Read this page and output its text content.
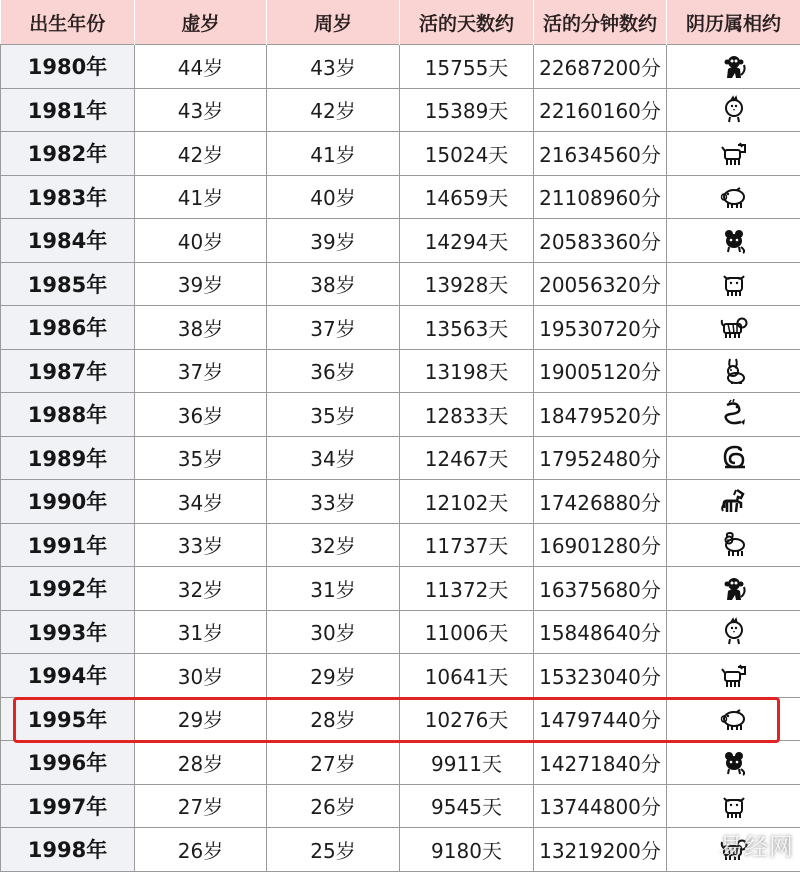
出生年份	虚岁	周岁	活的天数约	活的分钟数约	阴历属相约
1980年	44岁	43岁	15755天	22687200分	
1981年	43岁	42岁	15389天	22160160分	
1982年	42岁	41岁	15024天	21634560分	
1983年	41岁	40岁	14659天	21108960分	
1984年	40岁	39岁	14294天	20583360分	
1985年	39岁	38岁	13928天	20056320分	
1986年	38岁	37岁	13563天	19530720分	
1987年	37岁	36岁	13198天	19005120分	
1988年	36岁	35岁	12833天	18479520分	
1989年	35岁	34岁	12467天	17952480分	
1990年	34岁	33岁	12102天	17426880分	
1991年	33岁	32岁	11737天	16901280分	
1992年	32岁	31岁	11372天	16375680分	
1993年	31岁	30岁	11006天	15848640分	
1994年	30岁	29岁	10641天	15323040分	
1995年	29岁	28岁	10276天	14797440分	
1996年	28岁	27岁	9911天	14271840分	
1997年	27岁	26岁	9545天	13744800分	
1998年	26岁	25岁	9180天	13219200分	易经网
